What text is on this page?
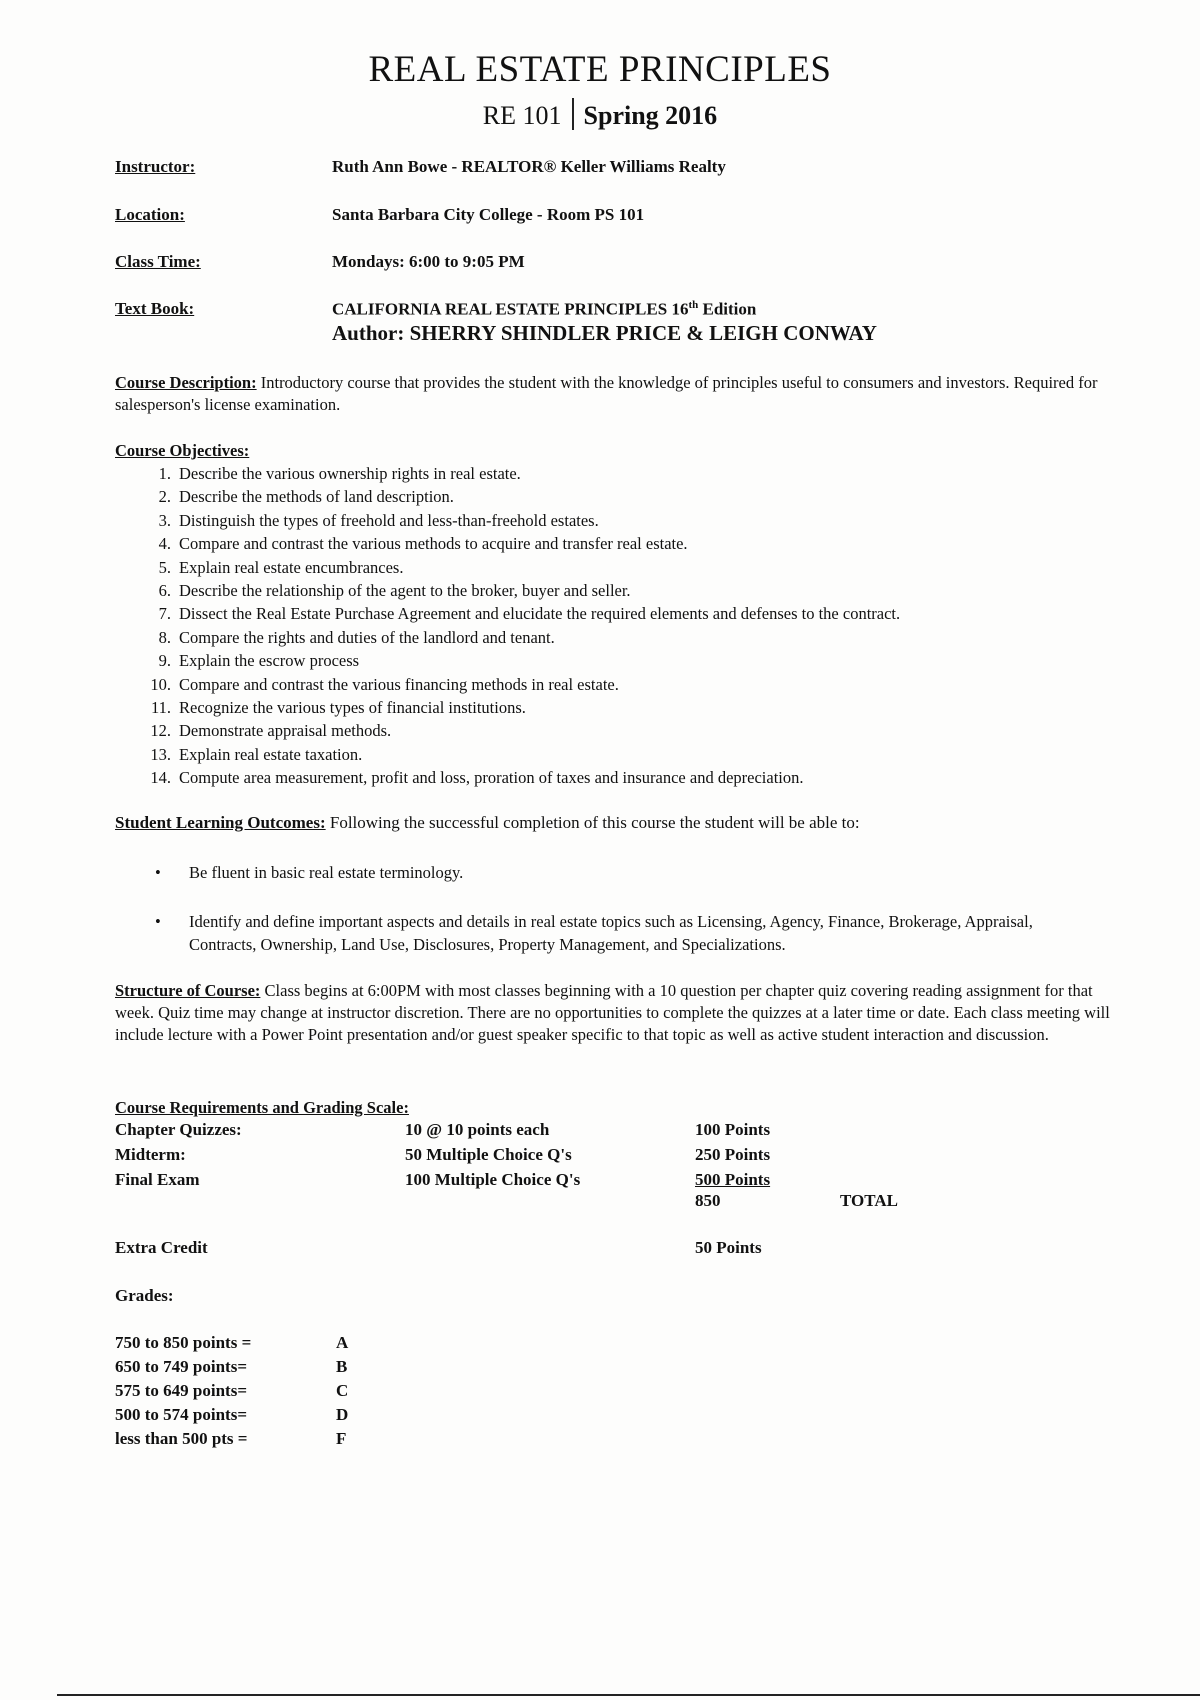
REAL ESTATE PRINCIPLES
RE 101 Spring 2016
Instructor:	Ruth Ann Bowe - REALTOR® Keller Williams Realty
Location:	Santa Barbara City College - Room PS 101
Class Time:	Mondays: 6:00 to 9:05 PM
Text Book:	CALIFORNIA REAL ESTATE PRINCIPLES 16th Edition
Author: SHERRY SHINDLER PRICE & LEIGH CONWAY
Course Description: Introductory course that provides the student with the knowledge of principles useful to consumers and investors. Required for salesperson's license examination.
Course Objectives:
1. Describe the various ownership rights in real estate.
2. Describe the methods of land description.
3. Distinguish the types of freehold and less-than-freehold estates.
4. Compare and contrast the various methods to acquire and transfer real estate.
5. Explain real estate encumbrances.
6. Describe the relationship of the agent to the broker, buyer and seller.
7. Dissect the Real Estate Purchase Agreement and elucidate the required elements and defenses to the contract.
8. Compare the rights and duties of the landlord and tenant.
9. Explain the escrow process
10. Compare and contrast the various financing methods in real estate.
11. Recognize the various types of financial institutions.
12. Demonstrate appraisal methods.
13. Explain real estate taxation.
14. Compute area measurement, profit and loss, proration of taxes and insurance and depreciation.
Student Learning Outcomes: Following the successful completion of this course the student will be able to:
• Be fluent in basic real estate terminology.
• Identify and define important aspects and details in real estate topics such as Licensing, Agency, Finance, Brokerage, Appraisal, Contracts, Ownership, Land Use, Disclosures, Property Management, and Specializations.
Structure of Course: Class begins at 6:00PM with most classes beginning with a 10 question per chapter quiz covering reading assignment for that week. Quiz time may change at instructor discretion. There are no opportunities to complete the quizzes at a later time or date. Each class meeting will include lecture with a Power Point presentation and/or guest speaker specific to that topic as well as active student interaction and discussion.
Course Requirements and Grading Scale:
Chapter Quizzes:	10 @ 10 points each	100 Points
Midterm:	50 Multiple Choice Q's	250 Points
Final Exam	100 Multiple Choice Q's	500 Points
850	TOTAL
Extra Credit	50 Points
Grades:
750 to 850 points =	A
650 to 749 points=	B
575 to 649 points=	C
500 to 574 points=	D
less than 500 pts =	F
